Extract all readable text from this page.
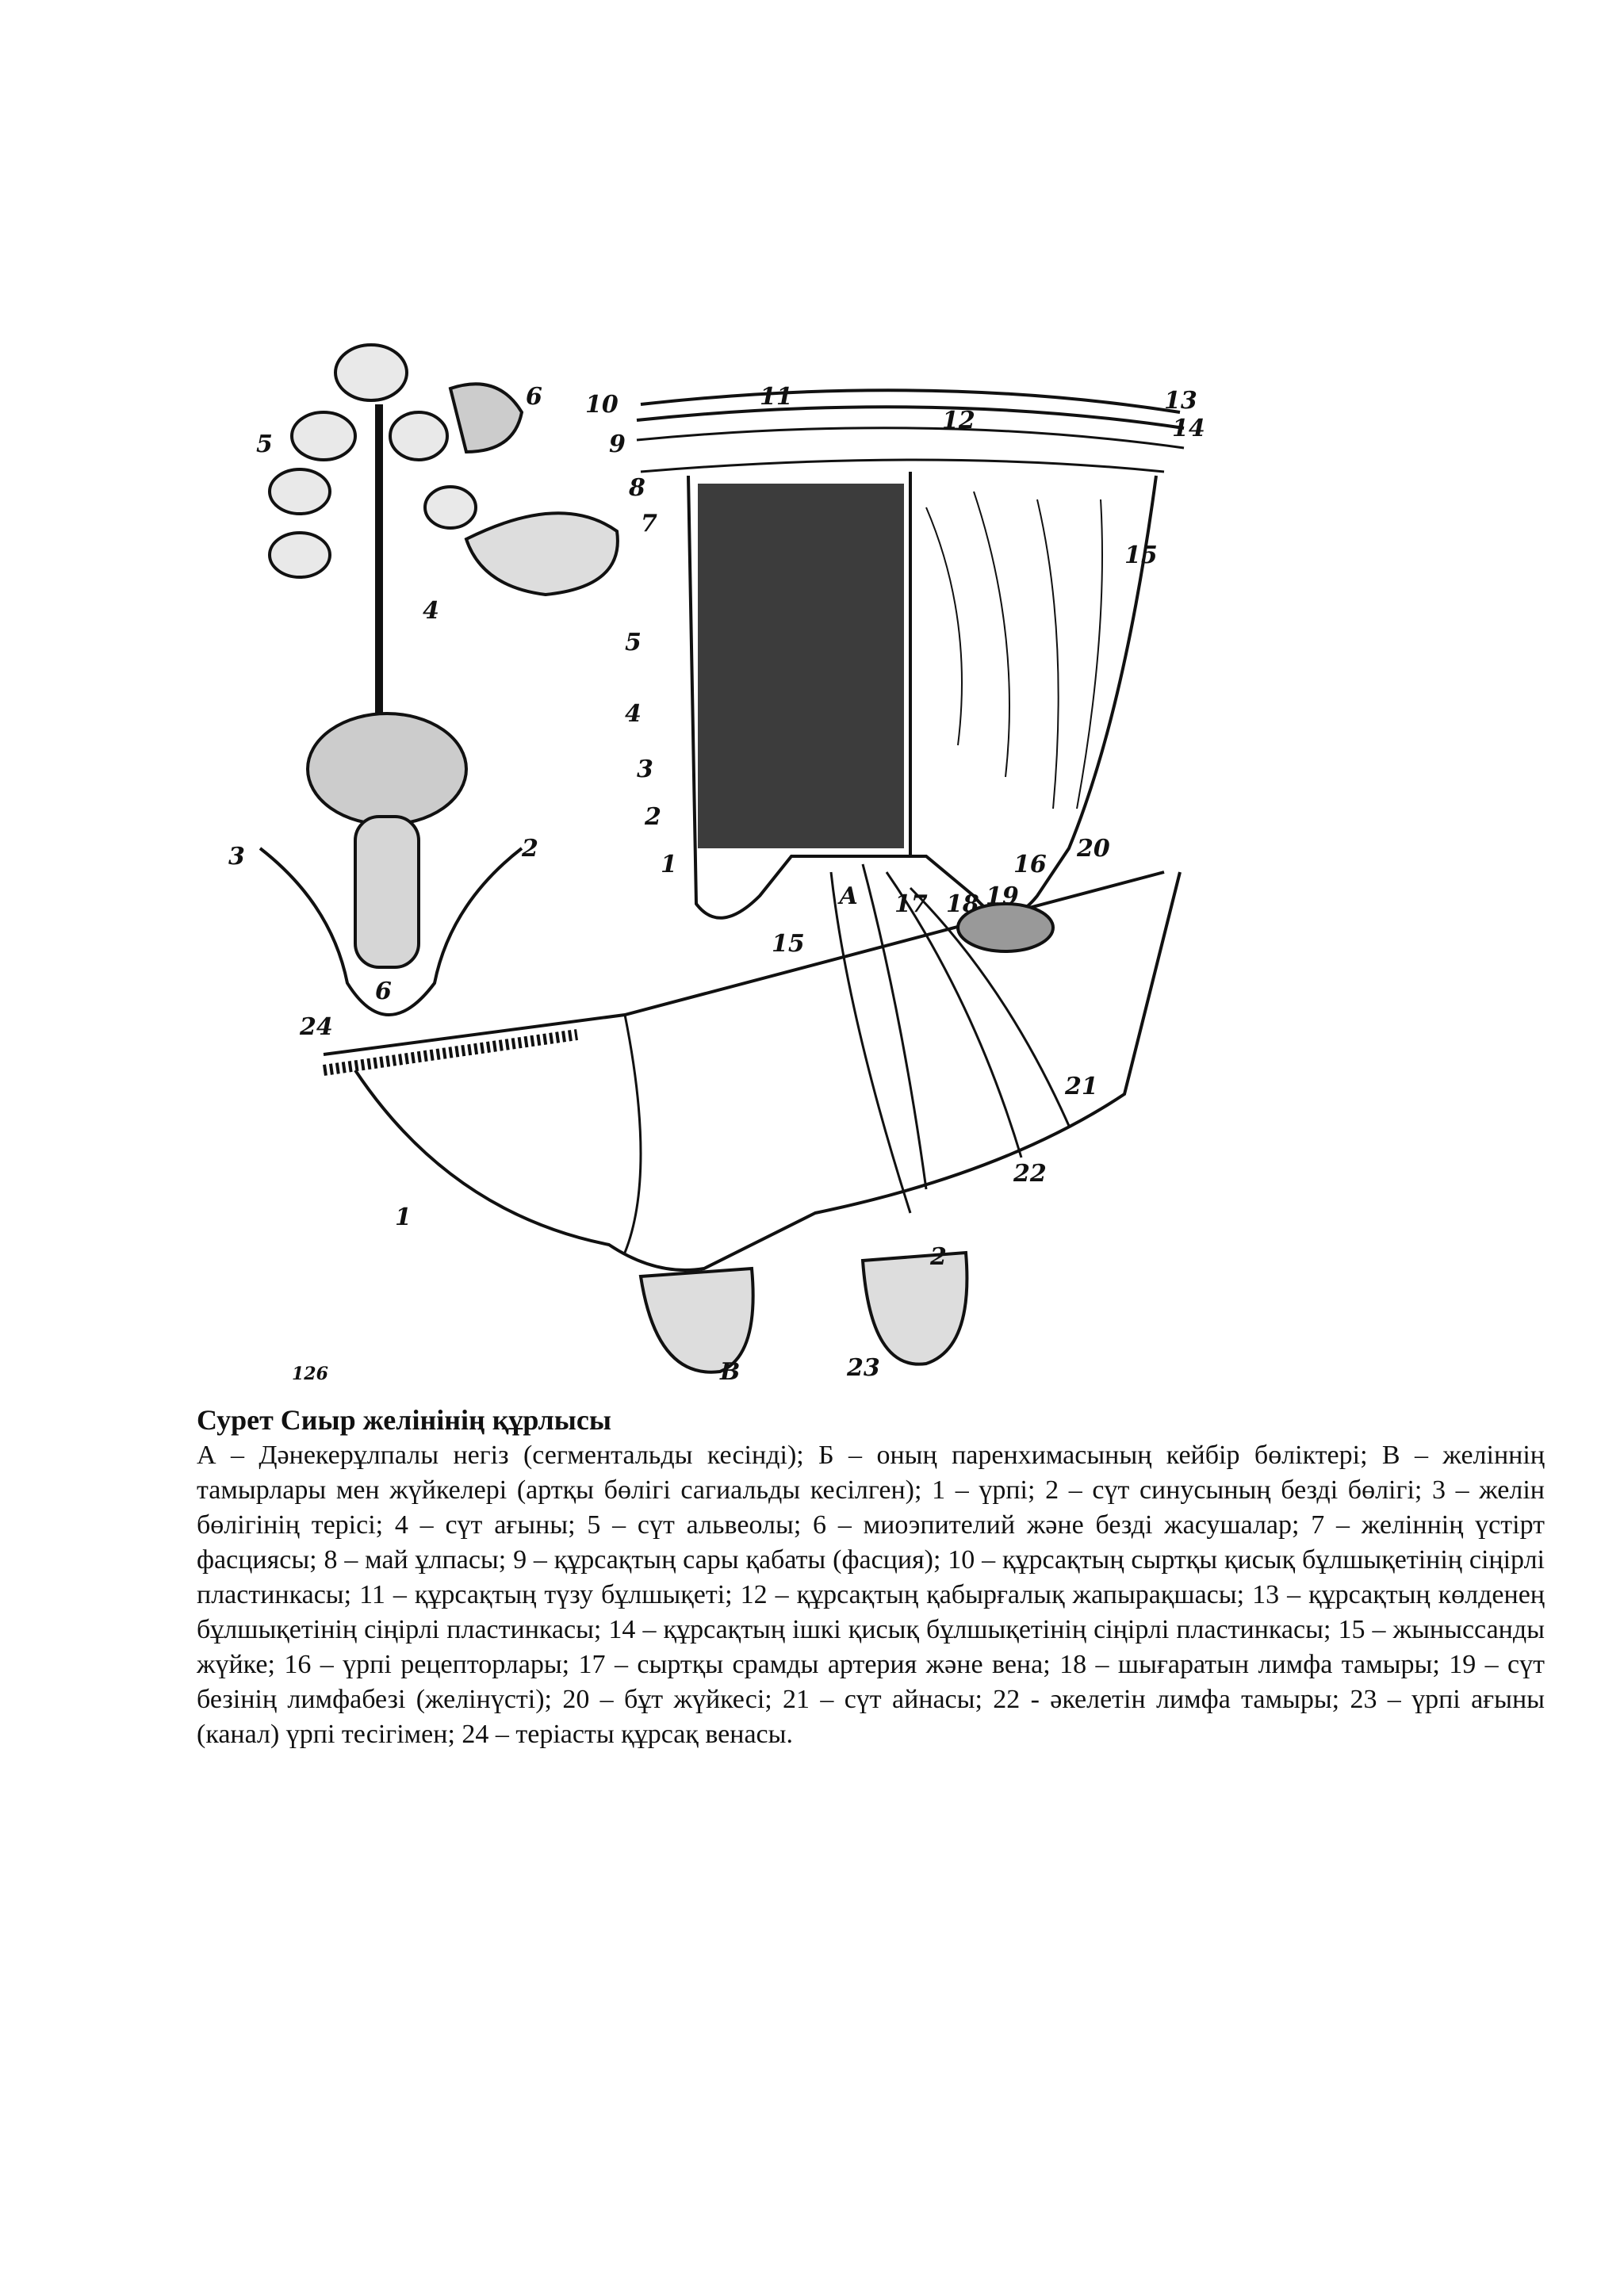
6
5
4
3	2
6
10	11
9
12
13
14
8
7
15
5
4
3
2
1	16
А 17 18 19
20
15
24
21
22
1
2
23
В
126

Сурет Сиыр желінінің құрлысы

А – Дәнекерұлпалы негіз (сегментальды кесінді); Б – оның паренхимасының кейбір бөліктері; В – желіннің тамырлары мен жүйкелері (артқы бөлігі сагиальды кесілген); 1 – үрпі; 2 – сүт синусының безді бөлігі; 3 – желін бөлігінің терісі; 4 – сүт ағыны; 5 – сүт альвеолы; 6 – миоэпителий және безді жасушалар; 7 – желіннің үстірт фасциясы; 8 – май ұлпасы; 9 – құрсақтың сары қабаты (фасция); 10 – құрсақтың сыртқы қисық бұлшықетінің сіңірлі пластинкасы; 11 – құрсақтың түзу бұлшықеті; 12 – құрсақтың қабырғалық жапырақшасы; 13 – құрсақтың көлденең бұлшықетінің сіңірлі пластинкасы; 14 – құрсақтың ішкі қисық бұлшықетінің сіңірлі пластинкасы; 15 – жыныссанды жүйке; 16 – үрпі рецепторлары; 17 – сыртқы срамды артерия және вена; 18 – шығаратын лимфа тамыры; 19 – сүт безінің лимфабезі (желінүсті); 20 – бұт жүйкесі; 21 – сүт айнасы; 22 - әкелетін лимфа тамыры; 23 – үрпі ағыны (канал) үрпі тесігімен; 24 – теріасты құрсақ венасы.
